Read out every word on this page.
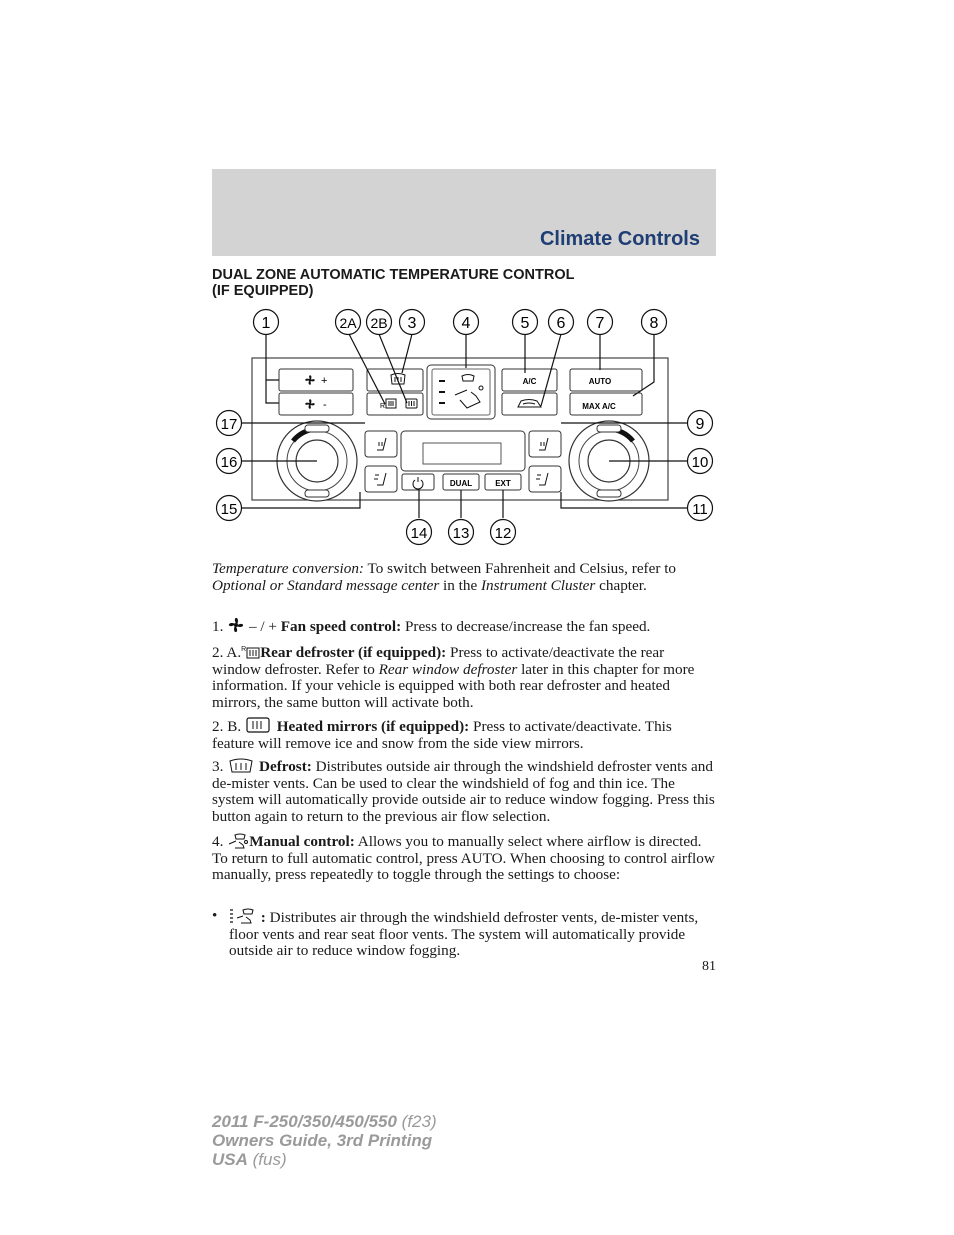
Climate Controls
DUAL ZONE AUTOMATIC TEMPERATURE CONTROL
(IF EQUIPPED)
+
-	R
A/C	AUTO
MAX A/C
DUAL	EXT
1	2A 2B 3	4	5 6 7	8
9
10
11
12
13
14
15
16
17

Temperature conversion: To switch between Fahrenheit and Celsius, refer to Optional or Standard message center in the Instrument Cluster chapter.

1.  – / + Fan speed control: Press to decrease/increase the fan speed.

2. A.$^R$ Rear defroster (if equipped): Press to activate/deactivate the rear window defroster. Refer to Rear window defroster later in this chapter for more information. If your vehicle is equipped with both rear defroster and heated mirrors, the same button will activate both.

2. B.  Heated mirrors (if equipped): Press to activate/deactivate. This feature will remove ice and snow from the side view mirrors.

3.  Defrost: Distributes outside air through the windshield defroster vents and de-mister vents. Can be used to clear the windshield of fog and thin ice. The system will automatically provide outside air to reduce window fogging. Press this button again to return to the previous air flow selection.

4. Manual control: Allows you to manually select where airflow is directed. To return to full automatic control, press AUTO. When choosing to control airflow manually, press repeatedly to toggle through the settings to choose:

•	: Distributes air through the windshield defroster vents, de-mister vents, floor vents and rear seat floor vents. The system will automatically provide outside air to reduce window fogging.
81
2011 F-250/350/450/550 (f23)
Owners Guide, 3rd Printing
USA (fus)
